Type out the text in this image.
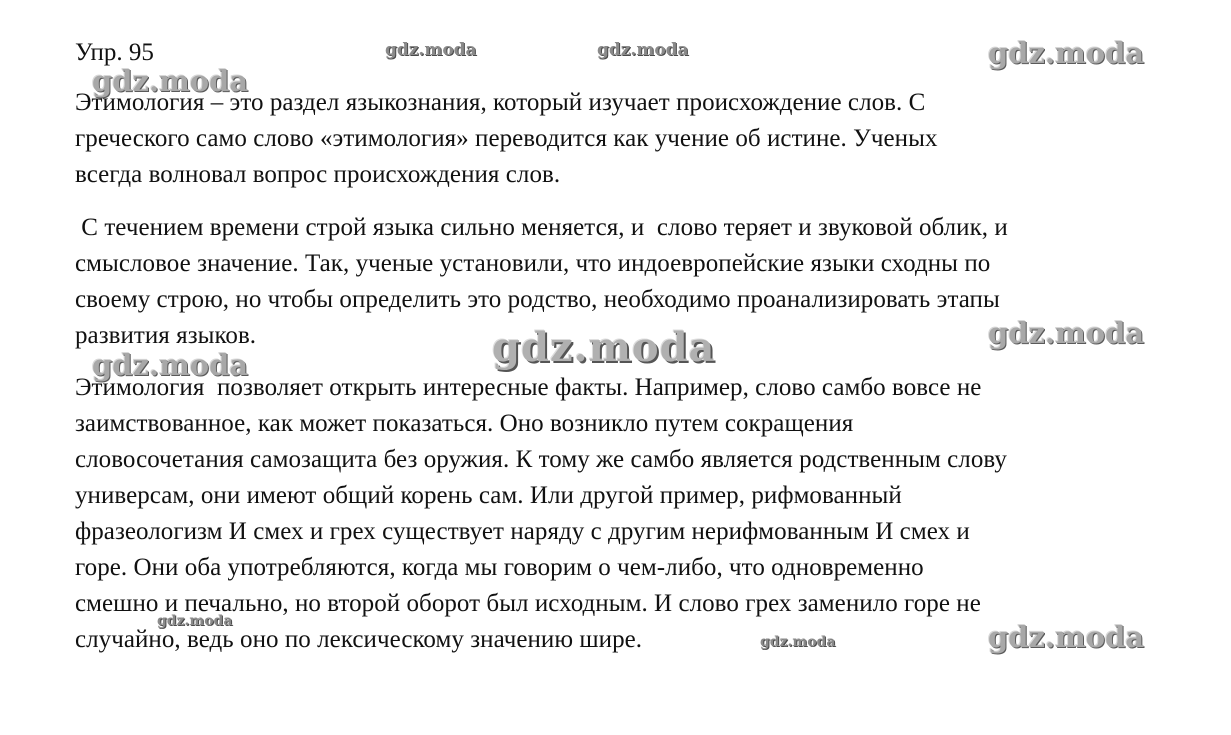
Упр. 95
Этимология – это раздел языкознания, который изучает происхождение слов. С
греческого само слово «этимология» переводится как учение об истине. Ученых
всегда волновал вопрос происхождения слов.
С течением времени строй языка сильно меняется, и  слово теряет и звуковой облик, и
смысловое значение. Так, ученые установили, что индоевропейские языки сходны по
своему строю, но чтобы определить это родство, необходимо проанализировать этапы
развития языков.
Этимология  позволяет открыть интересные факты. Например, слово самбо вовсе не
заимствованное, как может показаться. Оно возникло путем сокращения
словосочетания самозащита без оружия. К тому же самбо является родственным слову
универсам, они имеют общий корень сам. Или другой пример, рифмованный
фразеологизм И смех и грех существует наряду с другим нерифмованным И смех и
горе. Они оба употребляются, когда мы говорим о чем-либо, что одновременно
смешно и печально, но второй оборот был исходным. И слово грех заменило горе не
случайно, ведь оно по лексическому значению шире.
gdz.moda	gdz.moda	gdz.moda
gdz.moda
gdz.moda	gdz.moda
gdz.moda
gdz.moda
gdz.moda	gdz.moda
